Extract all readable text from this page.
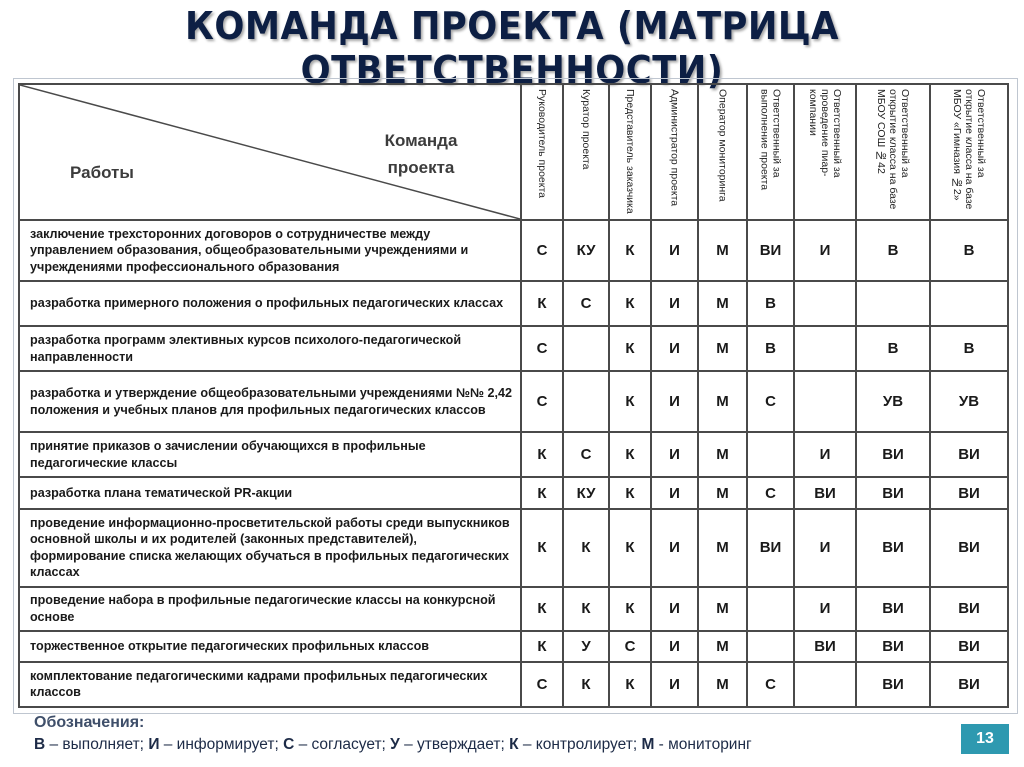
КОМАНДА ПРОЕКТА (МАТРИЦА ОТВЕТСТВЕННОСТИ)
Работы
Команда проекта	Руководитель проекта	Куратор проекта	Представитель заказчика	Администратор проекта	Оператор мониторинга	Ответственный за выполнение проекта	Ответственный за проведение пиар-компании	Ответственный за открытие класса на базе МБОУ СОШ №42	Ответственный за открытие класса на базе МБОУ «Гимназия №2»

заключение трехсторонних договоров о сотрудничестве между управлением образования, общеобразовательными учреждениями и учреждениями профессионального образования	С	КУ	К	И	М	ВИ	И	В	В
разработка примерного положения о профильных педагогических классах	К	С	К	И	М	В			
разработка программ элективных курсов психолого-педагогической направленности	С		К	И	М	В		В	В
разработка и утверждение общеобразовательными учреждениями №№ 2,42 положения и учебных планов для профильных педагогических классов	С		К	И	М	С		УВ	УВ
принятие приказов о зачислении обучающихся в профильные педагогические классы	К	С	К	И	М		И	ВИ	ВИ
разработка плана тематической PR-акции	К	КУ	К	И	М	С	ВИ	ВИ	ВИ
проведение информационно-просветительской работы среди выпускников основной школы и их родителей (законных представителей), формирование списка желающих обучаться в профильных педагогических классах	К	К	К	И	М	ВИ	И	ВИ	ВИ
проведение набора в профильные педагогические классы на конкурсной основе	К	К	К	И	М		И	ВИ	ВИ
торжественное открытие педагогических профильных классов	К	У	С	И	М		ВИ	ВИ	ВИ
комплектование педагогическими кадрами профильных педагогических классов	С	К	К	И	М	С		ВИ	ВИ
Обозначения:
В – выполняет; И – информирует; С – согласует; У – утверждает; К – контролирует; М - мониторинг	13
